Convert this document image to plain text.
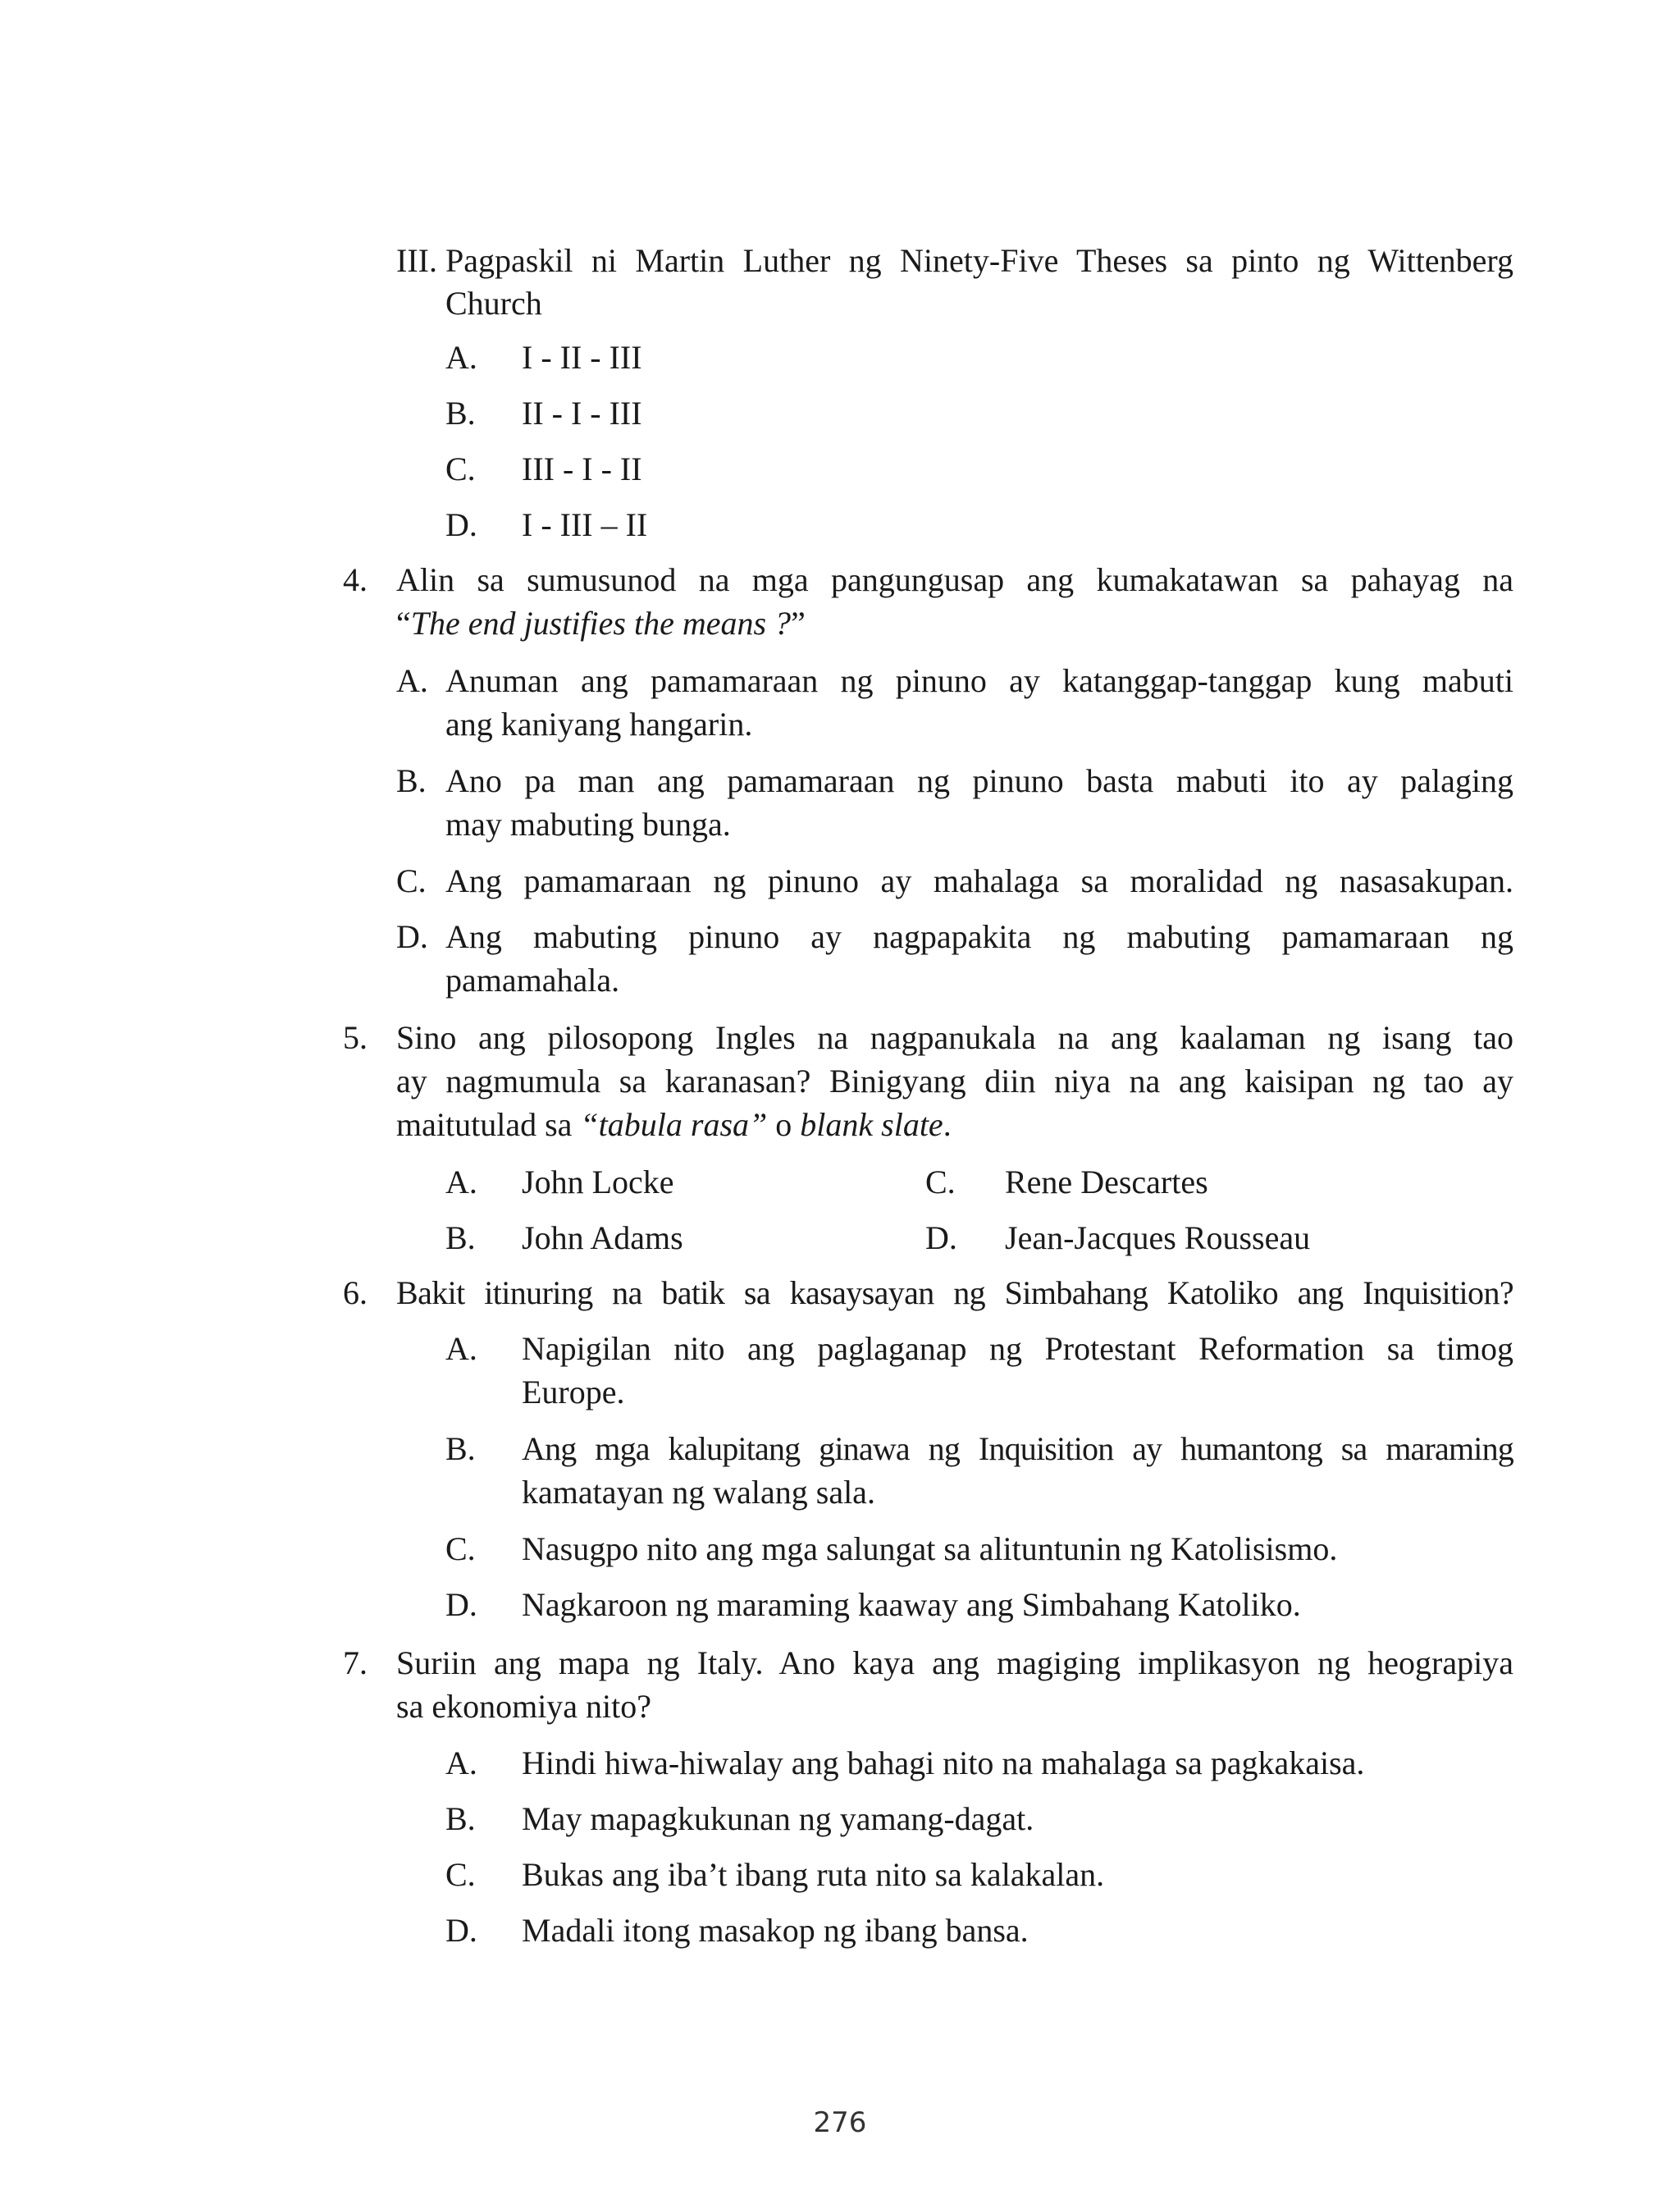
III. Pagpaskil ni Martin Luther ng Ninety-Five Theses sa pinto ng Wittenberg
Church
A. I - II - III
B. II - I - III
C. III - I - II
D. I - III – II
4. Alin sa sumusunod na mga pangungusap ang kumakatawan sa pahayag na
“The end justifies the means ?”
A. Anuman ang pamamaraan ng pinuno ay katanggap-tanggap kung mabuti
ang kaniyang hangarin.
B. Ano pa man ang pamamaraan ng pinuno basta mabuti ito ay palaging
may mabuting bunga.
C. Ang pamamaraan ng pinuno ay mahalaga sa moralidad ng nasasakupan.
D. Ang mabuting pinuno ay nagpapakita ng mabuting pamamaraan ng
pamamahala.
5. Sino ang pilosopong Ingles na nagpanukala na ang kaalaman ng isang tao
ay nagmumula sa karanasan? Binigyang diin niya na ang kaisipan ng tao ay
maitutulad sa “tabula rasa” o blank slate.
A. John Locke
B. John Adams
C. Rene Descartes
D. Jean-Jacques Rousseau
6. Bakit itinuring na batik sa kasaysayan ng Simbahang Katoliko ang Inquisition?
A. Napigilan nito ang paglaganap ng Protestant Reformation sa timog
Europe.
B. Ang mga kalupitang ginawa ng Inquisition ay humantong sa maraming
kamatayan ng walang sala.
C. Nasugpo nito ang mga salungat sa alituntunin ng Katolisismo.
D. Nagkaroon ng maraming kaaway ang Simbahang Katoliko.
7. Suriin ang mapa ng Italy. Ano kaya ang magiging implikasyon ng heograpiya
sa ekonomiya nito?
A. Hindi hiwa-hiwalay ang bahagi nito na mahalaga sa pagkakaisa.
B. May mapagkukunan ng yamang-dagat.
C. Bukas ang iba’t ibang ruta nito sa kalakalan.
D. Madali itong masakop ng ibang bansa.
276
